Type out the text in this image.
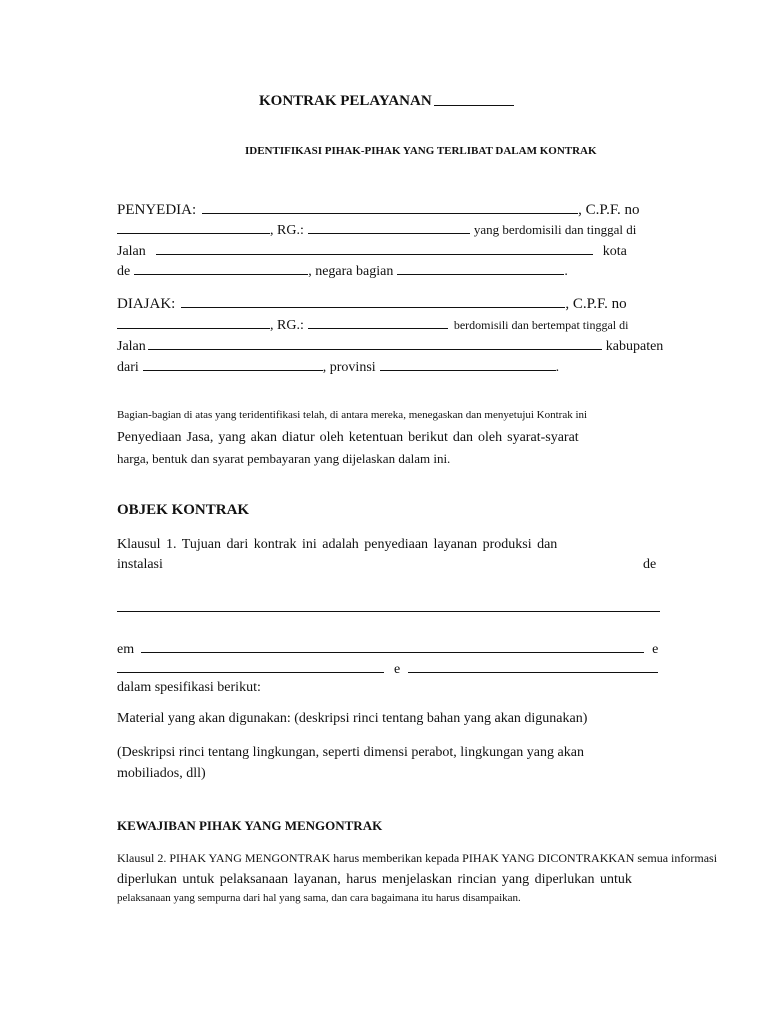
KONTRAK PELAYANAN
IDENTIFIKASI PIHAK-PIHAK YANG TERLIBAT DALAM KONTRAK
PENYEDIA:	, C.P.F. no
, RG.:	yang berdomisili dan tinggal di
Jalan	kota
de	, negara bagian	.
DIAJAK:	, C.P.F. no
, RG.:	berdomisili dan bertempat tinggal di
Jalan	kabupaten
dari	, provinsi	.
Bagian-bagian di atas yang teridentifikasi telah, di antara mereka, menegaskan dan menyetujui Kontrak ini
Penyediaan Jasa, yang akan diatur oleh ketentuan berikut dan oleh syarat-syarat
harga, bentuk dan syarat pembayaran yang dijelaskan dalam ini.
OBJEK KONTRAK
Klausul 1. Tujuan dari kontrak ini adalah penyediaan layanan produksi dan
instalasi	de
em	e
e
dalam spesifikasi berikut:
Material yang akan digunakan: (deskripsi rinci tentang bahan yang akan digunakan)
(Deskripsi rinci tentang lingkungan, seperti dimensi perabot, lingkungan yang akan
mobiliados, dll)
KEWAJIBAN PIHAK YANG MENGONTRAK
Klausul 2. PIHAK YANG MENGONTRAK harus memberikan kepada PIHAK YANG DICONTRAKKAN semua informasi
diperlukan untuk pelaksanaan layanan, harus menjelaskan rincian yang diperlukan untuk
pelaksanaan yang sempurna dari hal yang sama, dan cara bagaimana itu harus disampaikan.
